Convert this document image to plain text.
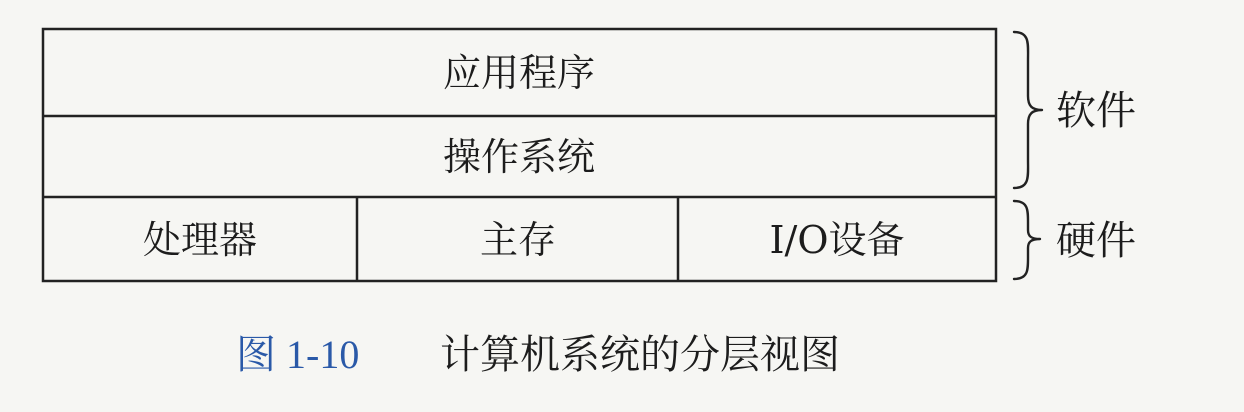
应用程序
操作系统
处理器	主存	I/O设备
软件
硬件
图 1-10 计算机系统的分层视图
